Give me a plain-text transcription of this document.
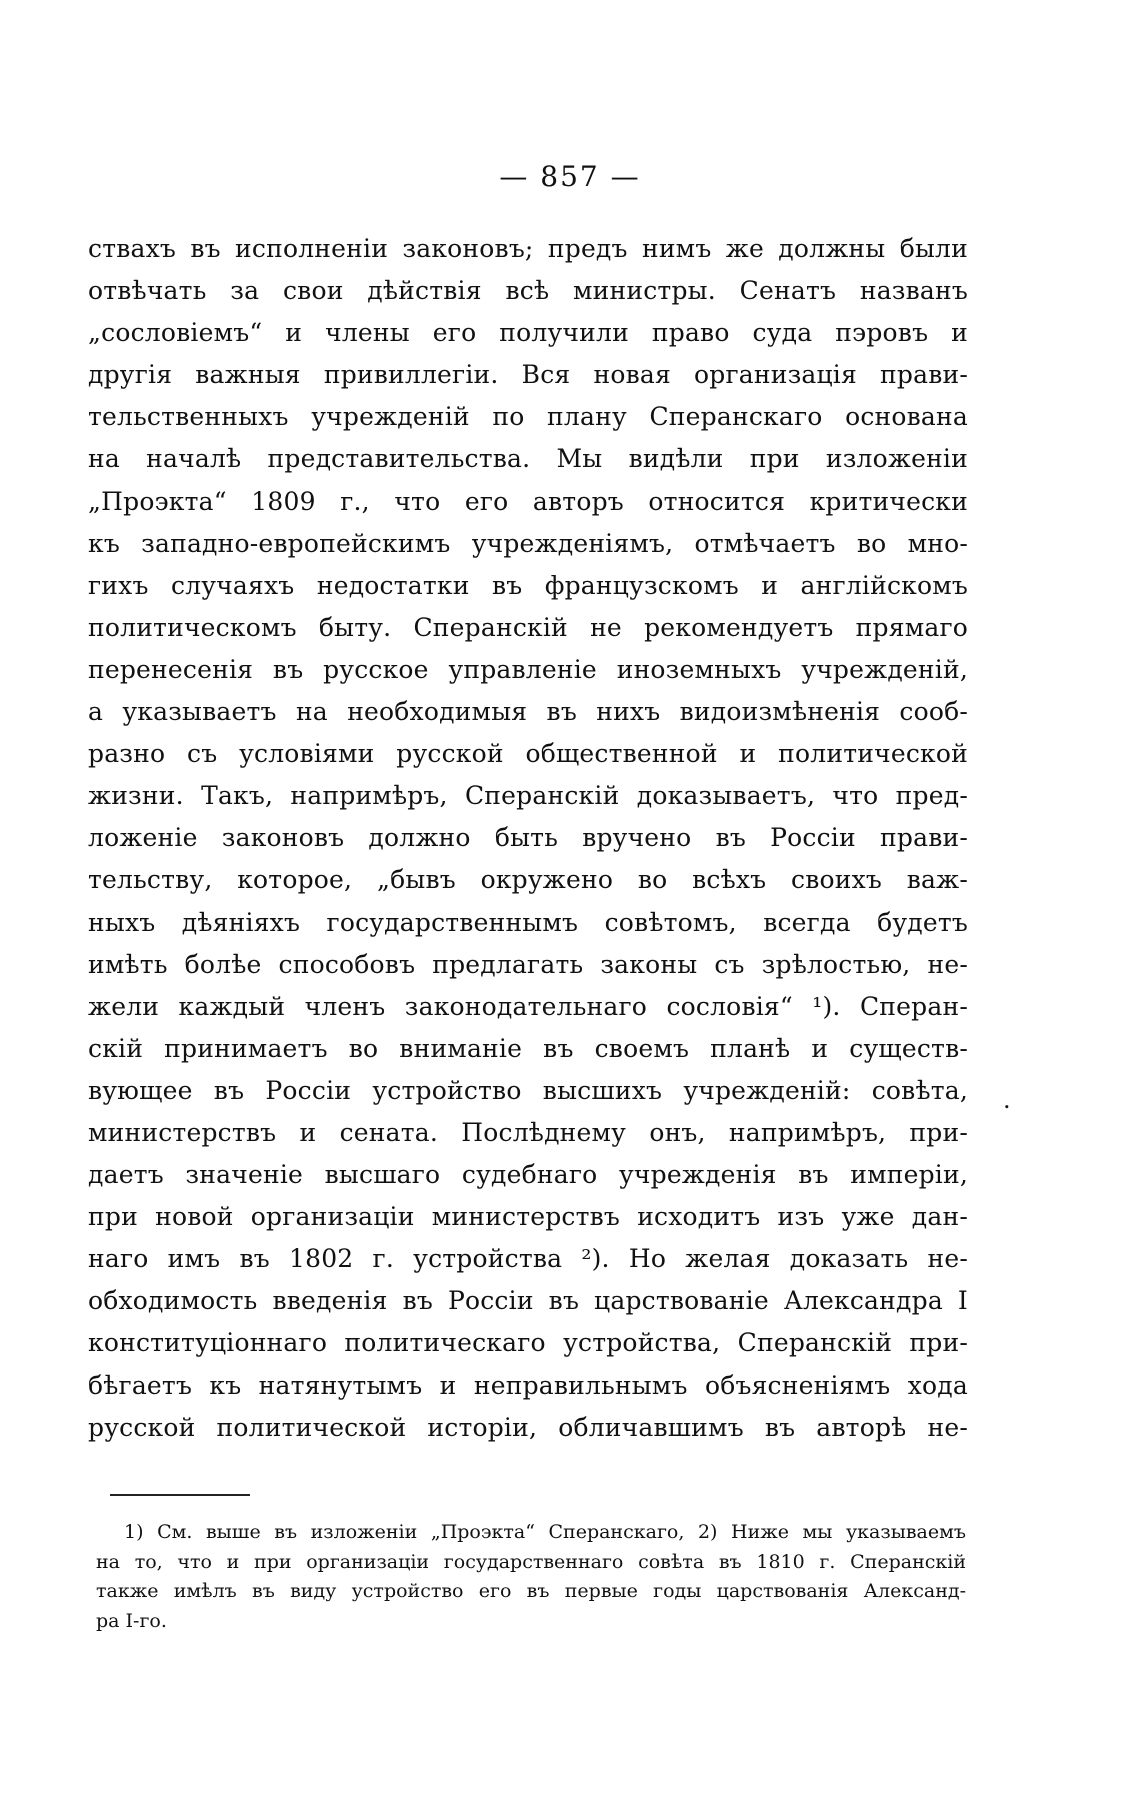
— 857 —
ствахъ въ исполненіи законовъ; предъ нимъ же должны были
отвѣчать за свои дѣйствія всѣ министры. Сенатъ названъ
„сословіемъ“ и члены его получили право суда пэровъ и
другія важныя привиллегіи. Вся новая организація прави-
тельственныхъ учрежденій по плану Сперанскаго основана
на началѣ представительства. Мы видѣли при изложеніи
„Проэкта“ 1809 г., что его авторъ относится критически
къ западно-европейскимъ учрежденіямъ, отмѣчаетъ во мно-
гихъ случаяхъ недостатки въ французскомъ и англійскомъ
политическомъ быту. Сперанскій не рекомендуетъ прямаго
перенесенія въ русское управленіе иноземныхъ учрежденій,
а указываетъ на необходимыя въ нихъ видоизмѣненія сооб-
разно съ условіями русской общественной и политической
жизни. Такъ, напримѣръ, Сперанскій доказываетъ, что пред-
ложеніе законовъ должно быть вручено въ Россіи прави-
тельству, которое, „бывъ окружено во всѣхъ своихъ важ-
ныхъ дѣяніяхъ государственнымъ совѣтомъ, всегда будетъ
имѣть болѣе способовъ предлагать законы съ зрѣлостью, не-
жели каждый членъ законодательнаго сословія“ ¹). Сперан-
скій принимаетъ во вниманіе въ своемъ планѣ и существ-
вующее въ Россіи устройство высшихъ учрежденій: совѣта,
министерствъ и сената. Послѣднему онъ, напримѣръ, при-
даетъ значеніе высшаго судебнаго учрежденія въ имперіи,
при новой организаціи министерствъ исходитъ изъ уже дан-
наго имъ въ 1802 г. устройства ²). Но желая доказать не-
обходимость введенія въ Россіи въ царствованіе Александра I
конституціоннаго политическаго устройства, Сперанскій при-
бѣгаетъ къ натянутымъ и неправильнымъ объясненіямъ хода
русской политической исторіи, обличавшимъ въ авторѣ не-
.
1) См. выше въ изложеніи „Проэкта“ Сперанскаго, 2) Ниже мы указываемъ
на то, что и при организаціи государственнаго совѣта въ 1810 г. Сперанскій
также имѣлъ въ виду устройство его въ первые годы царствованія Александ-
ра I-го.
